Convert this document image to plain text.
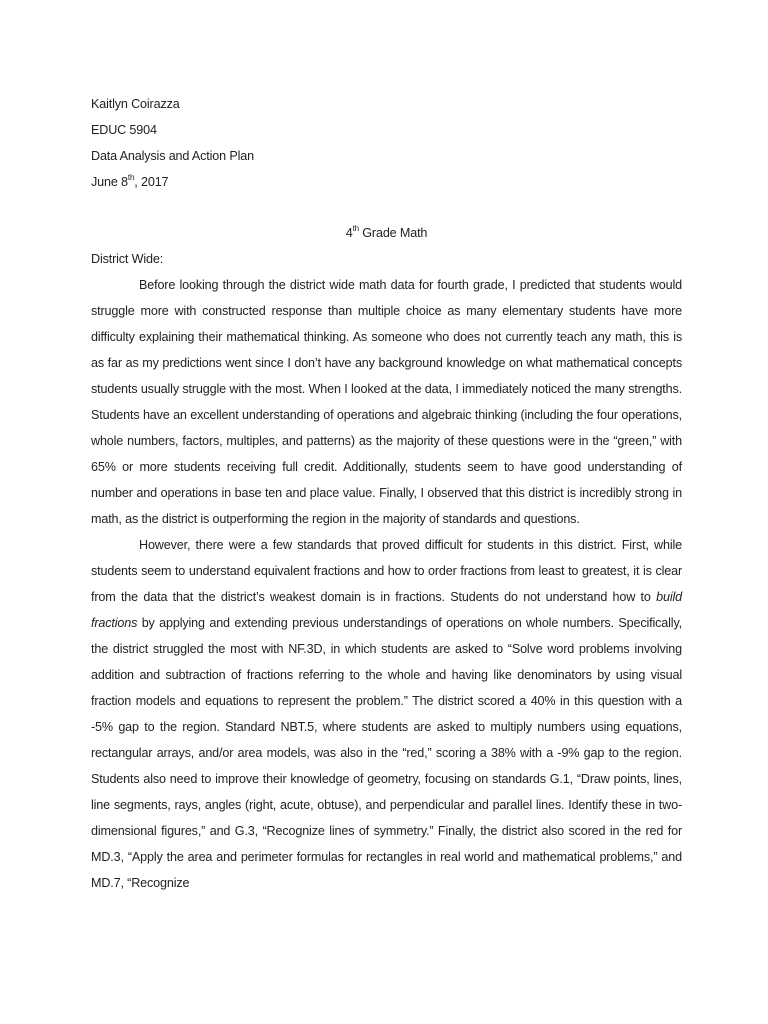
Kaitlyn Coirazza
EDUC 5904
Data Analysis and Action Plan
June 8th, 2017
4th Grade Math
District Wide:

Before looking through the district wide math data for fourth grade, I predicted that students would struggle more with constructed response than multiple choice as many elementary students have more difficulty explaining their mathematical thinking. As someone who does not currently teach any math, this is as far as my predictions went since I don’t have any background knowledge on what mathematical concepts students usually struggle with the most. When I looked at the data, I immediately noticed the many strengths. Students have an excellent understanding of operations and algebraic thinking (including the four operations, whole numbers, factors, multiples, and patterns) as the majority of these questions were in the “green,” with 65% or more students receiving full credit. Additionally, students seem to have good understanding of number and operations in base ten and place value. Finally, I observed that this district is incredibly strong in math, as the district is outperforming the region in the majority of standards and questions.

However, there were a few standards that proved difficult for students in this district. First, while students seem to understand equivalent fractions and how to order fractions from least to greatest, it is clear from the data that the district’s weakest domain is in fractions. Students do not understand how to build fractions by applying and extending previous understandings of operations on whole numbers. Specifically, the district struggled the most with NF.3D, in which students are asked to “Solve word problems involving addition and subtraction of fractions referring to the whole and having like denominators by using visual fraction models and equations to represent the problem.” The district scored a 40% in this question with a -5% gap to the region. Standard NBT.5, where students are asked to multiply numbers using equations, rectangular arrays, and/or area models, was also in the “red,” scoring a 38% with a -9% gap to the region. Students also need to improve their knowledge of geometry, focusing on standards G.1, “Draw points, lines, line segments, rays, angles (right, acute, obtuse), and perpendicular and parallel lines. Identify these in two-dimensional figures,” and G.3, “Recognize lines of symmetry.” Finally, the district also scored in the red for MD.3, “Apply the area and perimeter formulas for rectangles in real world and mathematical problems,” and MD.7, “Recognize
